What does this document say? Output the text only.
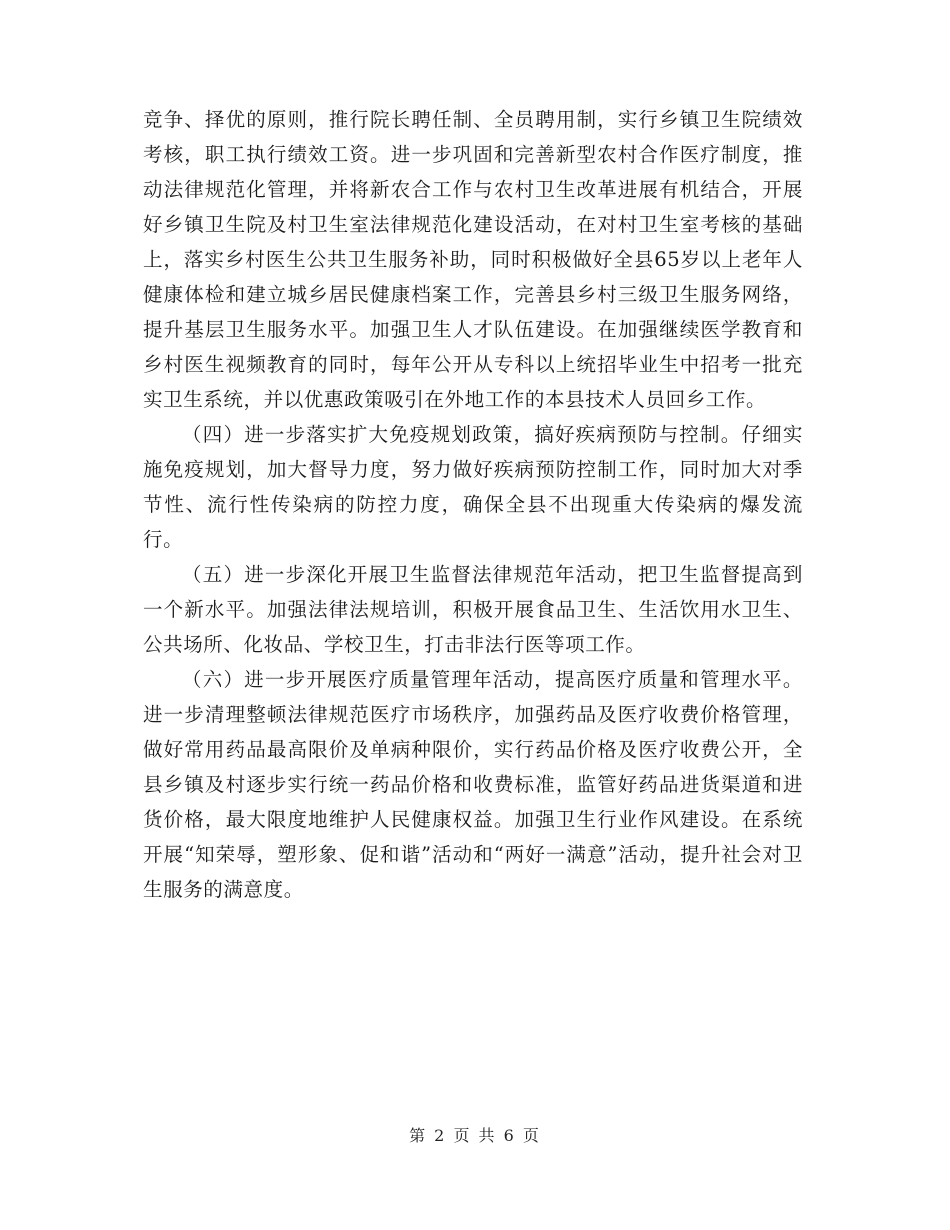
竞争、择优的原则，推行院长聘任制、全员聘用制，实行乡镇卫生院绩效考核，职工执行绩效工资。进一步巩固和完善新型农村合作医疗制度，推动法律规范化管理，并将新农合工作与农村卫生改革进展有机结合，开展好乡镇卫生院及村卫生室法律规范化建设活动，在对村卫生室考核的基础上，落实乡村医生公共卫生服务补助，同时积极做好全县65岁以上老年人健康体检和建立城乡居民健康档案工作，完善县乡村三级卫生服务网络，提升基层卫生服务水平。加强卫生人才队伍建设。在加强继续医学教育和乡村医生视频教育的同时，每年公开从专科以上统招毕业生中招考一批充实卫生系统，并以优惠政策吸引在外地工作的本县技术人员回乡工作。

（四）进一步落实扩大免疫规划政策，搞好疾病预防与控制。仔细实施免疫规划，加大督导力度，努力做好疾病预防控制工作，同时加大对季节性、流行性传染病的防控力度，确保全县不出现重大传染病的爆发流行。

（五）进一步深化开展卫生监督法律规范年活动，把卫生监督提高到一个新水平。加强法律法规培训，积极开展食品卫生、生活饮用水卫生、公共场所、化妆品、学校卫生，打击非法行医等项工作。

（六）进一步开展医疗质量管理年活动，提高医疗质量和管理水平。进一步清理整顿法律规范医疗市场秩序，加强药品及医疗收费价格管理，做好常用药品最高限价及单病种限价，实行药品价格及医疗收费公开，全县乡镇及村逐步实行统一药品价格和收费标准，监管好药品进货渠道和进货价格，最大限度地维护人民健康权益。加强卫生行业作风建设。在系统开展“知荣辱，塑形象、促和谐”活动和“两好一满意”活动，提升社会对卫生服务的满意度。

第 2 页 共 6 页
